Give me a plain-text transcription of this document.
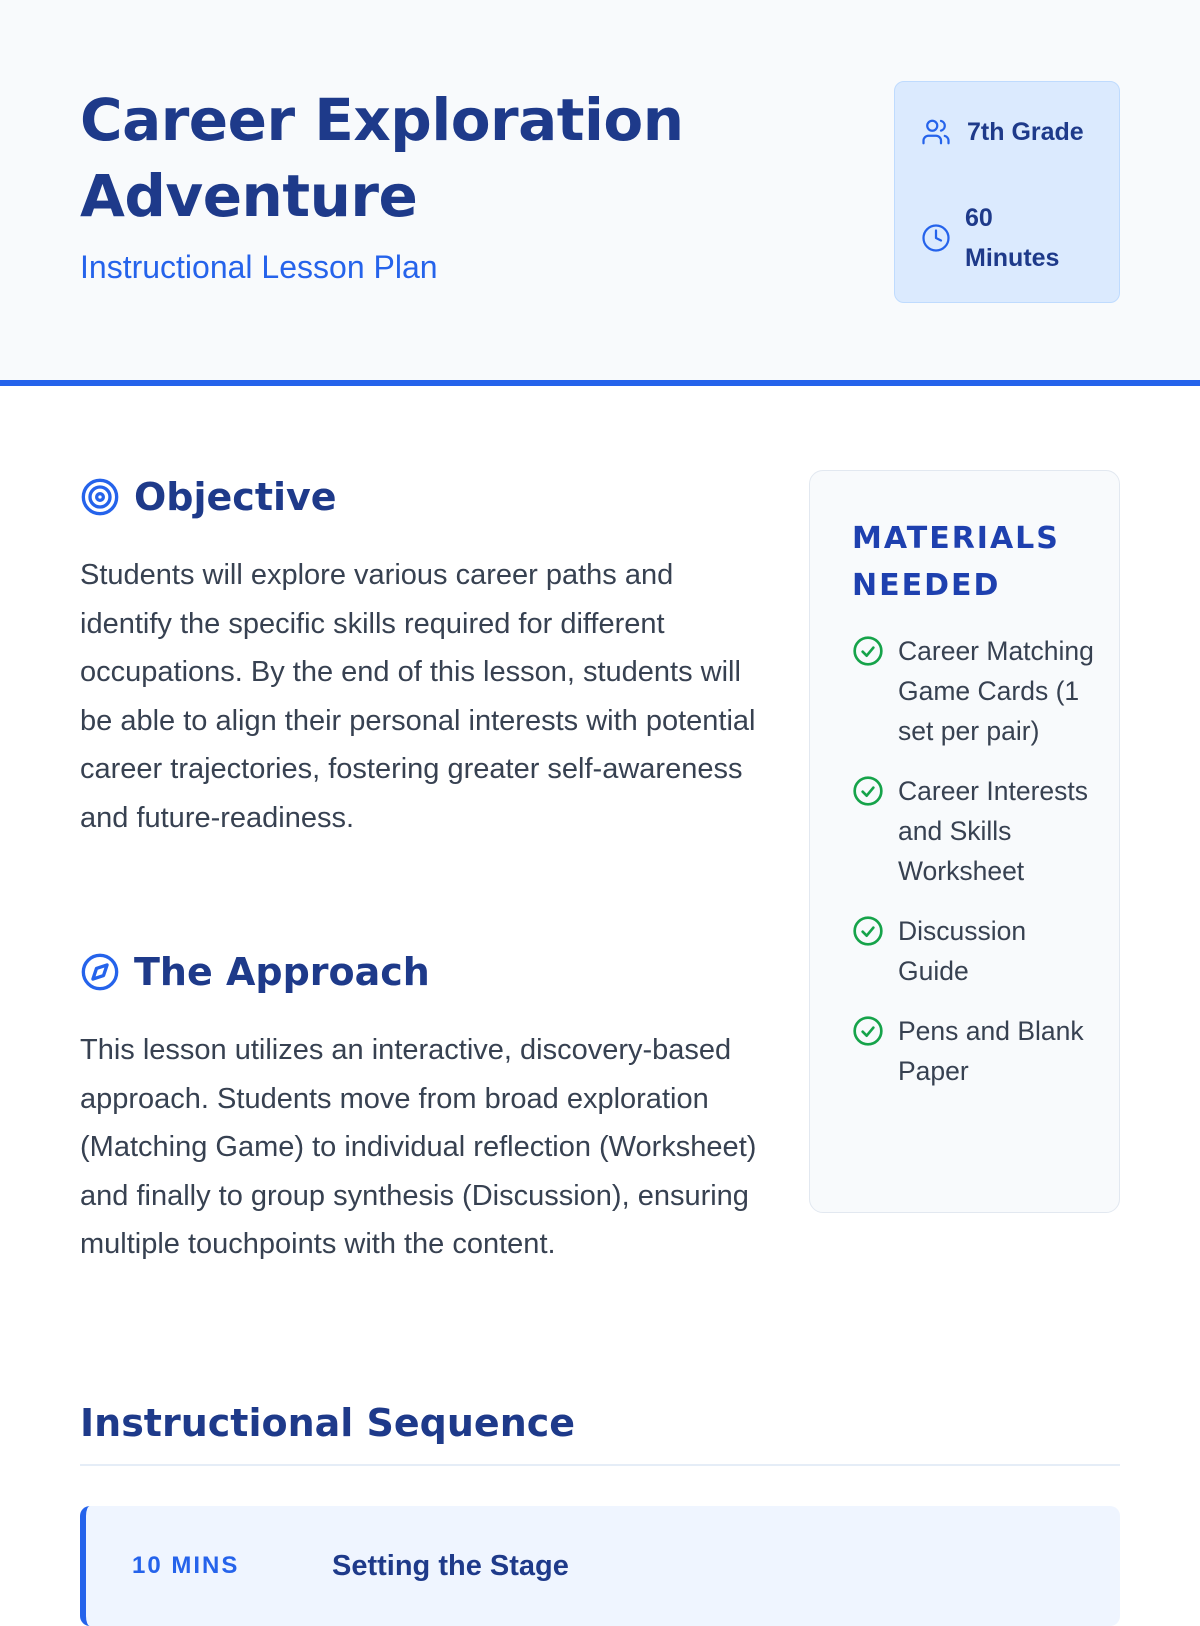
Career Exploration Adventure
Instructional Lesson Plan
7th Grade
60 Minutes
Objective

Students will explore various career paths and identify the specific skills required for different occupations. By the end of this lesson, students will be able to align their personal interests with potential career trajectories, fostering greater self-awareness and future-readiness.

The Approach

This lesson utilizes an interactive, discovery-based approach. Students move from broad exploration (Matching Game) to individual reflection (Worksheet) and finally to group synthesis (Discussion), ensuring multiple touchpoints with the content.

MATERIALS NEEDED
Career Matching Game Cards (1 set per pair)
Career Interests and Skills Worksheet
Discussion Guide
Pens and Blank Paper
Instructional Sequence
10 MINS	Setting the Stage
